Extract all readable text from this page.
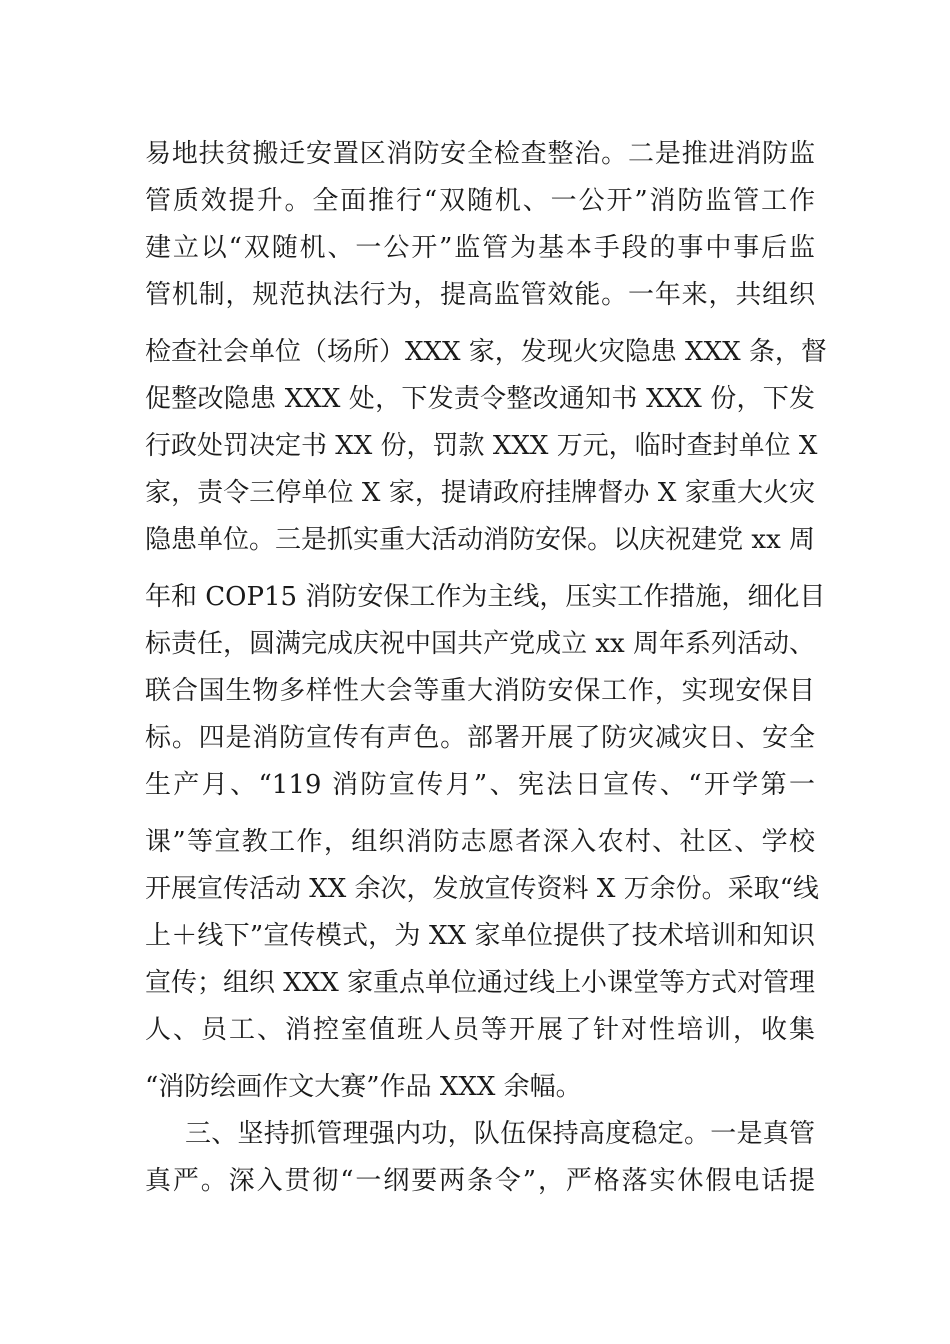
易地扶贫搬迁安置区消防安全检查整治。二是推进消防监
管质效提升。全面推行“双随机、一公开”消防监管工作
建立以“双随机、一公开”监管为基本手段的事中事后监
管机制，规范执法行为，提高监管效能。一年来，共组织
检查社会单位（场所）XXX 家，发现火灾隐患 XXX 条，督
促整改隐患 XXX 处，下发责令整改通知书 XXX 份，下发
行政处罚决定书 XX 份，罚款 XXX 万元，临时查封单位 X
家，责令三停单位 X 家，提请政府挂牌督办 X 家重大火灾
隐患单位。三是抓实重大活动消防安保。以庆祝建党 xx 周
年和 COP15 消防安保工作为主线，压实工作措施，细化目
标责任，圆满完成庆祝中国共产党成立 xx 周年系列活动、
联合国生物多样性大会等重大消防安保工作，实现安保目
标。四是消防宣传有声色。部署开展了防灾减灾日、安全
生产月、“119 消防宣传月”、宪法日宣传、“开学第一
课”等宣教工作，组织消防志愿者深入农村、社区、学校
开展宣传活动 XX 余次，发放宣传资料 X 万余份。采取“线
上＋线下”宣传模式，为 XX 家单位提供了技术培训和知识
宣传；组织 XXX 家重点单位通过线上小课堂等方式对管理
人、员工、消控室值班人员等开展了针对性培训，收集
“消防绘画作文大赛”作品 XXX 余幅。
三、坚持抓管理强内功，队伍保持高度稳定。一是真管
真严。深入贯彻“一纲要两条令”，严格落实休假电话提
